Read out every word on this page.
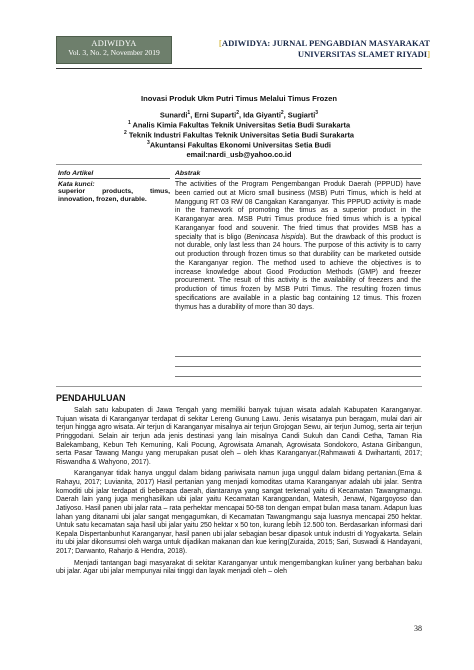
ADIWIDYA
Vol. 3, No. 2, November 2019
[ADIWIDYA: JURNAL PENGABDIAN MASYARAKAT
UNIVERSITAS SLAMET RIYADI]
Inovasi Produk Ukm Putri Timus Melalui Timus Frozen
Sunardi$^1$, Erni Suparti$^2$, Ida Giyanti$^2$, Sugiarti$^3$
$^1$ Analis Kimia Fakultas Teknik Universitas Setia Budi Surakarta
$^2$ Teknik Industri Fakultas Teknik Universitas Setia Budi Surakarta
$^3$Akuntansi Fakultas Ekonomi Universitas Setia Budi
email:nardi_usb@yahoo.co.id
Info Artikel
Kata kunci:
superior products, timus, innovation, frozen, durable.
Abstrak
The activities of the Program Pengembangan Produk Daerah (PPPUD) have been carried out at Micro small business (MSB) Putri Timus, which is held at Manggung RT 03 RW 08 Cangakan Karanganyar. This PPPUD activity is made in the framework of promoting the timus as a superior product in the Karanganyar area. MSB Putri Timus produce fried timus which is a typical Karanganyar food and souvenir. The fried timus that provides MSB has a specialty that is bligo (Benincasa hispida). But the drawback of this product is not durable, only last less than 24 hours. The purpose of this activity is to carry out production through frozen timus so that durability can be marketed outside the Karanganyar region. The method used to achieve the objectives is to increase knowledge about Good Production Methods (GMP) and freezer procurement. The result of this activity is the availability of freezers and the production of timus frozen by MSB Putri Timus. The resulting frozen timus specifications are available in a plastic bag containing 12 timus. This frozen thymus has a durability of more than 30 days.
PENDAHULUAN

Salah satu kabupaten di Jawa Tengah yang memiliki banyak tujuan wisata adalah Kabupaten Karanganyar. Tujuan wisata di Karanganyar terdapat di sekitar Lereng Gunung Lawu. Jenis wisatanya pun beragam, mulai dari air terjun hingga agro wisata. Air terjun di Karanganyar misalnya air terjun Grojogan Sewu, air terjun Jumog, serta air terjun Pringgodani. Selain air terjun ada jenis destinasi yang lain misalnya Candi Sukuh dan Candi Cetha, Taman Ria Balekambang, Kebun Teh Kemuning, Kali Pocung, Agrowisata Amanah, Agrowisata Sondokoro, Astana Giribangun, serta Pasar Tawang Mangu yang merupakan pusat oleh – oleh khas Karanganyar.(Rahmawati & Dwihartanti, 2017; Riswandha & Wahyono, 2017).

Karanganyar tidak hanya unggul dalam bidang pariwisata namun juga unggul dalam bidang pertanian.(Erna & Rahayu, 2017; Luvianita, 2017) Hasil pertanian yang menjadi komoditas utama Karanganyar adalah ubi jalar. Sentra komoditi ubi jalar terdapat di beberapa daerah, diantaranya yang sangat terkenal yaitu di Kecamatan Tawangmangu. Daerah lain yang juga menghasilkan ubi jalar yaitu Kecamatan Karangpandan, Matesih, Jenawi, Ngargoyoso dan Jatiyoso. Hasil panen ubi jalar rata – rata perhektar mencapai 50-58 ton dengan empat bulan masa tanam. Adapun luas lahan yang ditanami ubi jalar sangat mengagumkan, di Kecamatan Tawangmangu saja luasnya mencapai 250 hektar. Untuk satu kecamatan saja hasil ubi jalar yaitu 250 hektar x 50 ton, kurang lebih 12.500 ton. Berdasarkan informasi dari Kepala Dispertanbunhut Karanganyar, hasil panen ubi jalar sebagian besar dipasok untuk industri di Yogyakarta. Selain itu ubi jalar dikonsumsi oleh warga untuk dijadikan makanan dan kue kering(Zuraida, 2015; Sari, Suswadi & Handayani, 2017; Darwanto, Raharjo & Hendra, 2018).

Menjadi tantangan bagi masyarakat di sekitar Karanganyar untuk mengembangkan kuliner yang berbahan baku ubi jalar. Agar ubi jalar mempunyai nilai tinggi dan layak menjadi oleh – oleh

38
